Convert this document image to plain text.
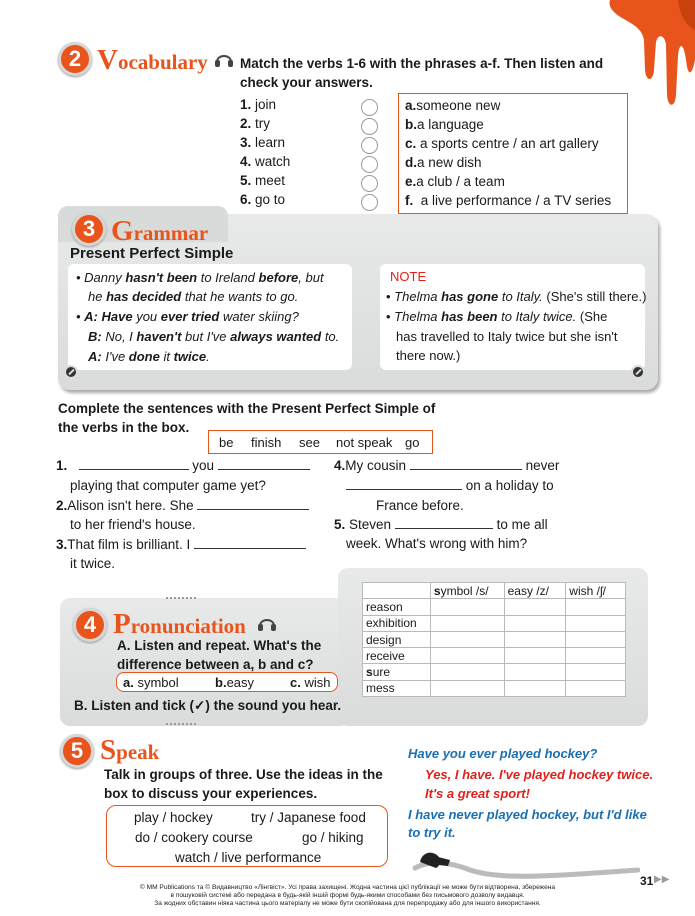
2 Vocabulary Match the verbs 1-6 with the phrases a-f. Then listen and check your answers.
1. join
2. try
3. learn
4. watch
5. meet
6. go to
a.someone new
b.a language
c. a sports centre / an art gallery
d.a new dish
e.a club / a team
f. a live performance / a TV series
3 Grammar
Present Perfect Simple
• Danny hasn't been to Ireland before, but
he has decided that he wants to go.
• A: Have you ever tried water skiing?
B: No, I haven't but I've always wanted to.
A: I've done it twice.
NOTE
• Thelma has gone to Italy. (She's still there.)
• Thelma has been to Italy twice. (She
has travelled to Italy twice but she isn't
there now.)
Complete the sentences with the Present Perfect Simple of the verbs in the box.
be finish see not speak go
1.	you
playing that computer game yet?
2.Alison isn't here. She
to her friend's house.
3.That film is brilliant. I
it twice.
4.My cousin	never
on a holiday to
France before.
5. Steven	to me all
week. What's wrong with him?
4 Pronunciation
A. Listen and repeat. What's the difference between a, b and c?
a. symbol	b.easy	c. wish
B. Listen and tick (✓) the sound you hear.
	symbol /s/	easy /z/	wish /ʃ/
reason			
exhibition			
design			
receive			
sure			
mess			
5 Speak
Talk in groups of three. Use the ideas in the box to discuss your experiences.
play / hockey	try / Japanese food
do / cookery course	go / hiking
watch / live performance
Have you ever played hockey?
Yes, I have. I've played hockey twice.
It's a great sport!
I have never played hockey, but I'd like
to try it.
31 ▶▶
© MM Publications та © Видавництво «Лінгвіст». Усі права захищені. Жодна частина цієї публікації не може бути відтворена, збережена
в пошуковій системі або передана в будь-якій іншій формі будь-якими способами без письмового дозволу видавця.
За жодних обставин ніяка частина цього матеріалу не може бути скопійована для перепродажу або для іншого використання.
